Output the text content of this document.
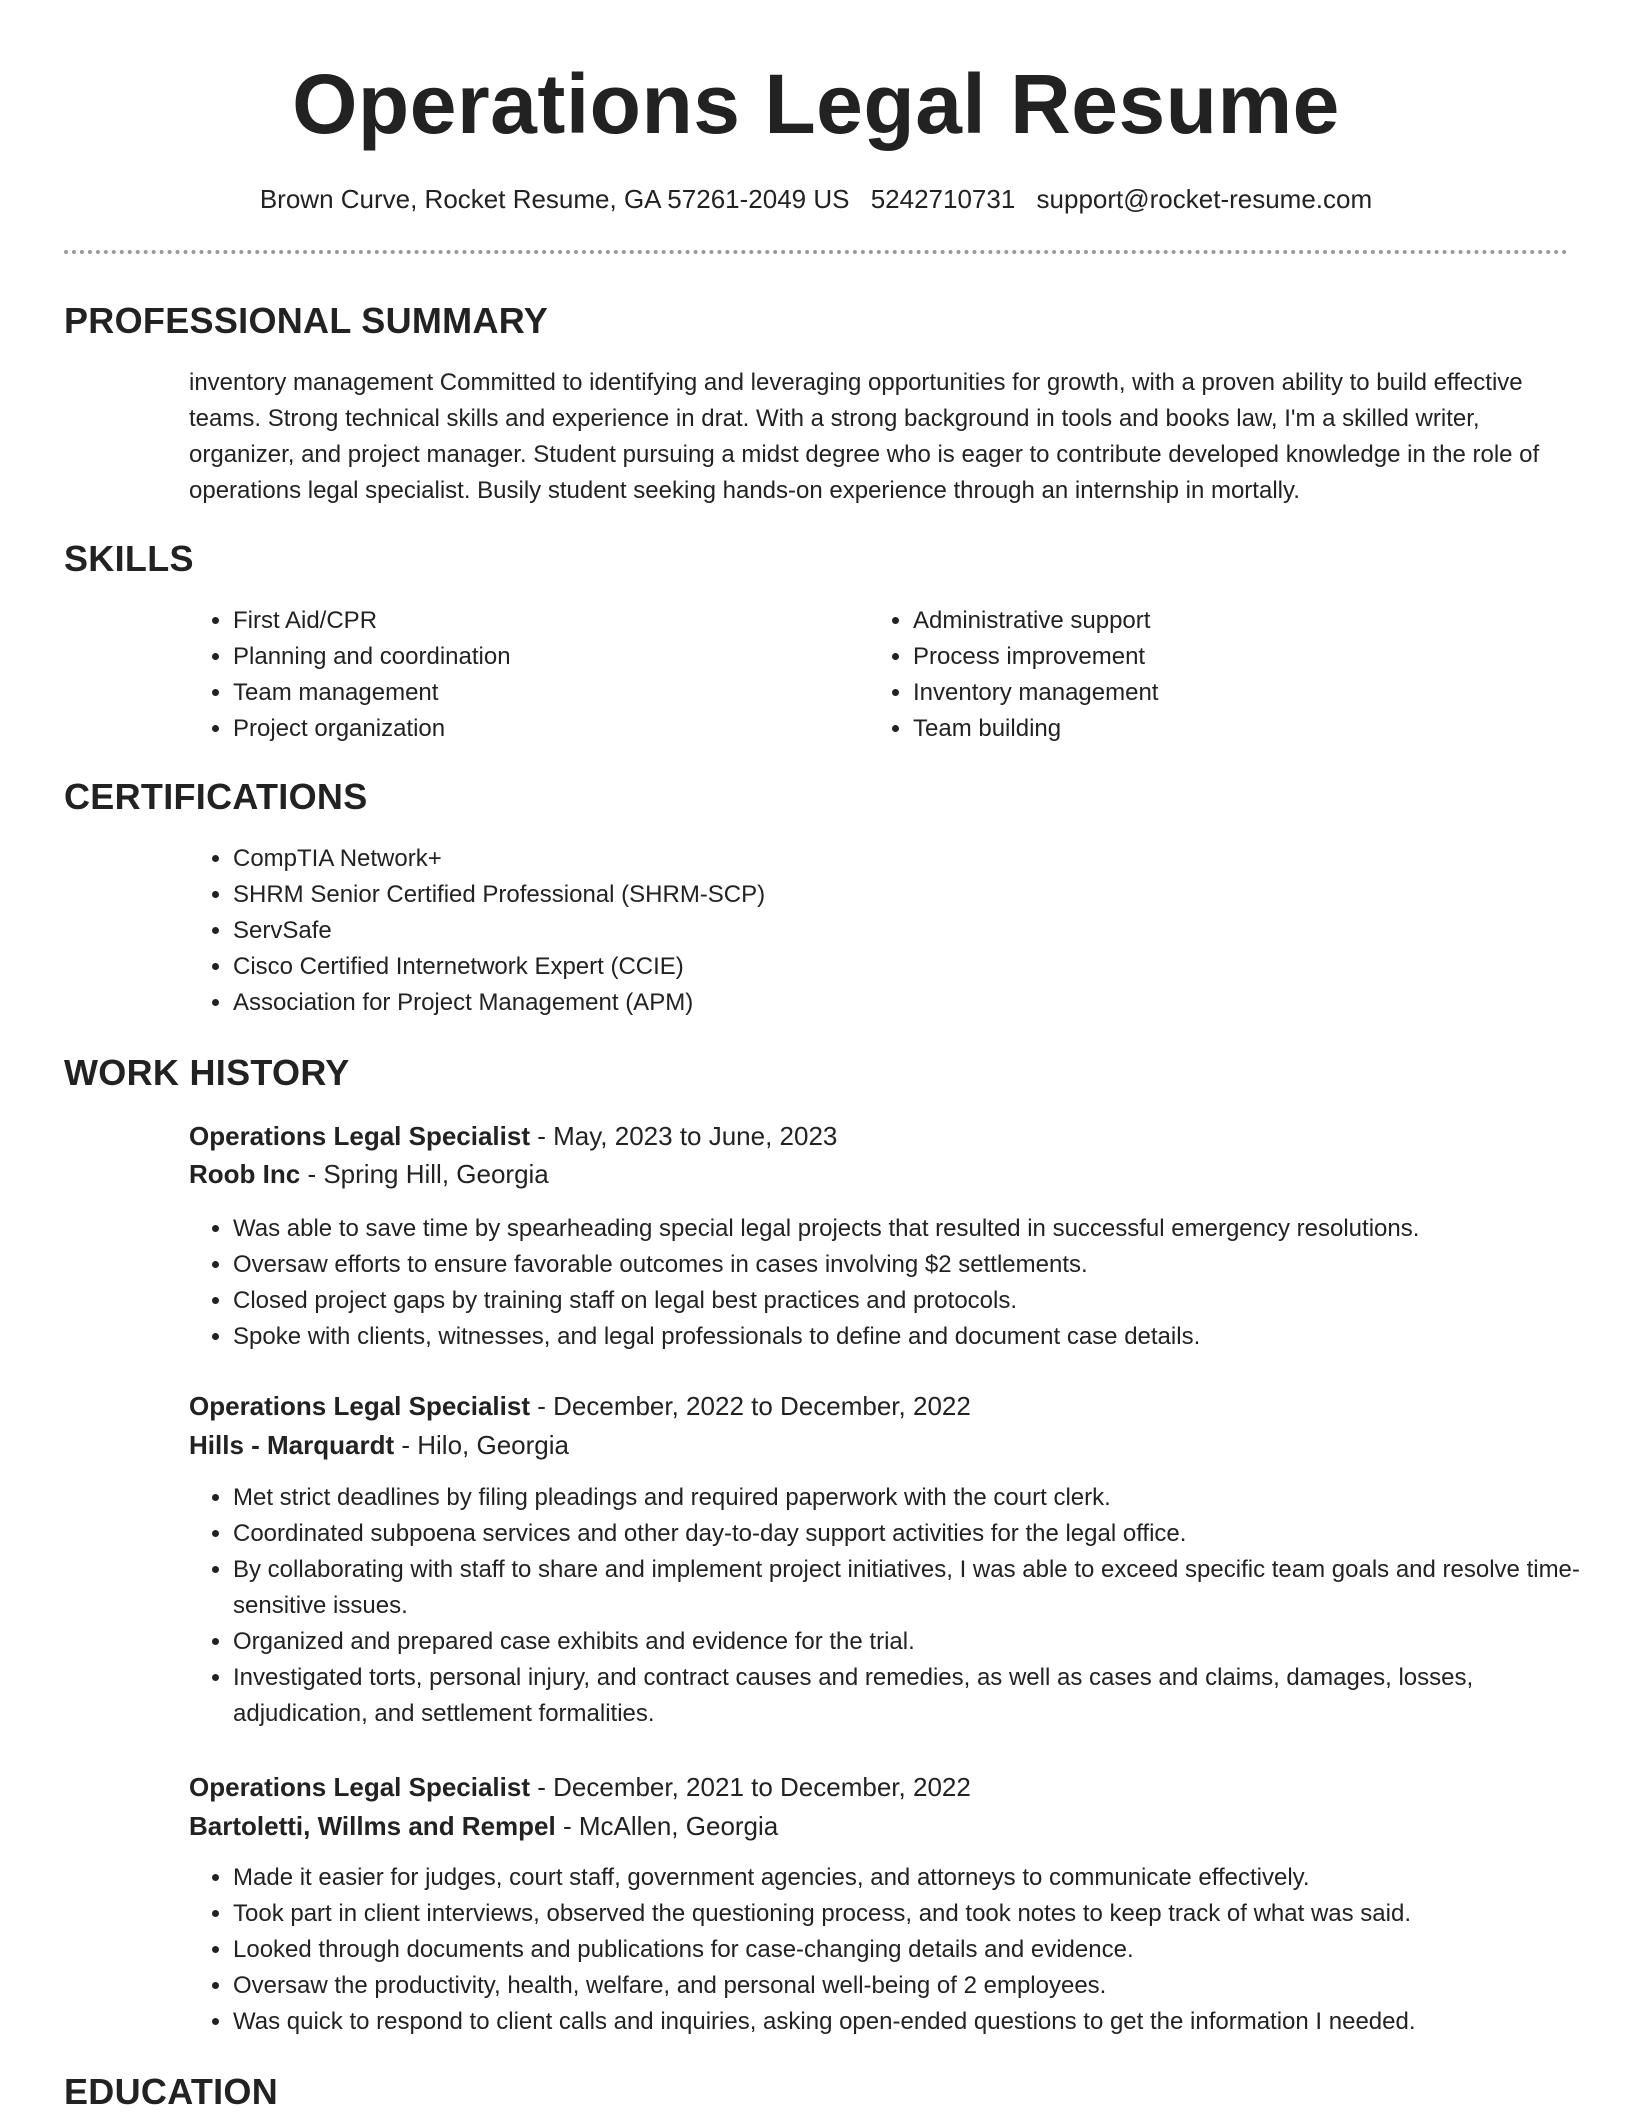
Operations Legal Resume
Brown Curve, Rocket Resume, GA 57261-2049 US 5242710731 support@rocket-resume.com
PROFESSIONAL SUMMARY

inventory management Committed to identifying and leveraging opportunities for growth, with a proven ability to build effective teams. Strong technical skills and experience in drat. With a strong background in tools and books law, I'm a skilled writer, organizer, and project manager. Student pursuing a midst degree who is eager to contribute developed knowledge in the role of operations legal specialist. Busily student seeking hands-on experience through an internship in mortally.

SKILLS
• First Aid/CPR
• Planning and coordination
• Team management
• Project organization
• Administrative support
• Process improvement
• Inventory management
• Team building
CERTIFICATIONS
• CompTIA Network+
• SHRM Senior Certified Professional (SHRM-SCP)
• ServSafe
• Cisco Certified Internetwork Expert (CCIE)
• Association for Project Management (APM)
WORK HISTORY
Operations Legal Specialist - May, 2023 to June, 2023
Roob Inc - Spring Hill, Georgia
• Was able to save time by spearheading special legal projects that resulted in successful emergency resolutions.
• Oversaw efforts to ensure favorable outcomes in cases involving $2 settlements.
• Closed project gaps by training staff on legal best practices and protocols.
• Spoke with clients, witnesses, and legal professionals to define and document case details.
Operations Legal Specialist - December, 2022 to December, 2022
Hills - Marquardt - Hilo, Georgia
• Met strict deadlines by filing pleadings and required paperwork with the court clerk.
• Coordinated subpoena services and other day-to-day support activities for the legal office.
• By collaborating with staff to share and implement project initiatives, I was able to exceed specific team goals and resolve time-sensitive issues.
• Organized and prepared case exhibits and evidence for the trial.
• Investigated torts, personal injury, and contract causes and remedies, as well as cases and claims, damages, losses, adjudication, and settlement formalities.
Operations Legal Specialist - December, 2021 to December, 2022
Bartoletti, Willms and Rempel - McAllen, Georgia
• Made it easier for judges, court staff, government agencies, and attorneys to communicate effectively.
• Took part in client interviews, observed the questioning process, and took notes to keep track of what was said.
• Looked through documents and publications for case-changing details and evidence.
• Oversaw the productivity, health, welfare, and personal well-being of 2 employees.
• Was quick to respond to client calls and inquiries, asking open-ended questions to get the information I needed.
EDUCATION
